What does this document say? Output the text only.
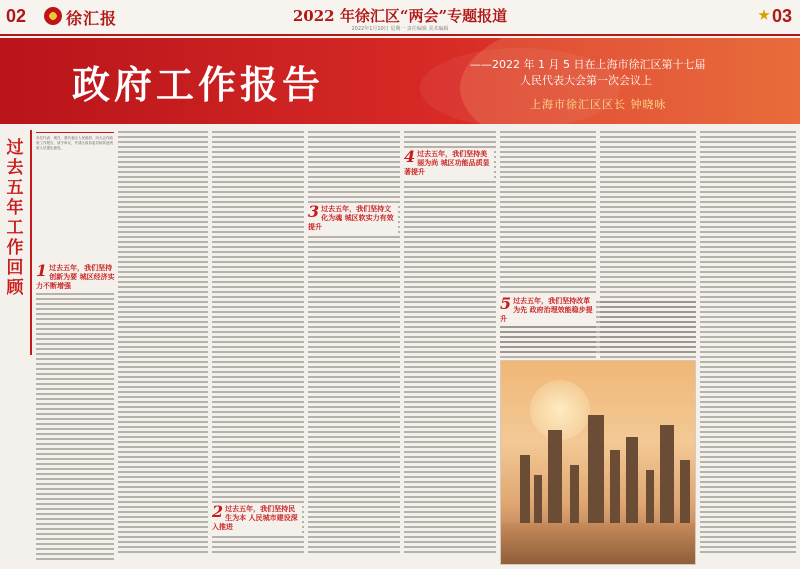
02 徐汇报	2022 年徐汇区“两会”专题报道
2022年1月10日 星期一 责任编辑 美术编辑
03
政府工作报告	——2022 年 1 月 5 日在上海市徐汇区第十七届
人民代表大会第一次会议上
上海市徐汇区区长 钟晓咏
过去五年工作回顾
各位代表：现在，我代表区人民政府，向大会作政府工作报告，请予审议，并请区政协委员和其他列席人员提出意见。
1 过去五年，我们坚持创新为要 城区经济实力不断增强
2 过去五年，我们坚持民生为本 人民城市建设深入推进
3 过去五年，我们坚持文化为魂 城区软实力有效提升
4 过去五年，我们坚持美丽为尚 城区功能品质显著提升
5 过去五年，我们坚持改革为先 政府治理效能稳步提升
